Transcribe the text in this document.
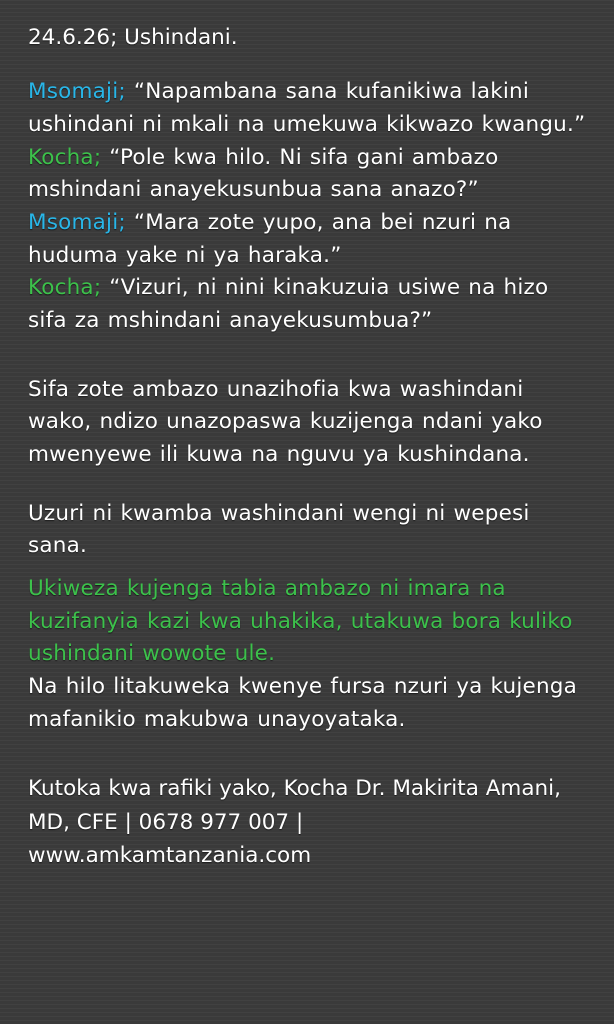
24.6.26; Ushindani.

Msomaji; “Napambana sana kufanikiwa lakini ushindani ni mkali na umekuwa kikwazo kwangu.”

Kocha; “Pole kwa hilo. Ni sifa gani ambazo mshindani anayekusunbua sana anazo?”

Msomaji; “Mara zote yupo, ana bei nzuri na huduma yake ni ya haraka.”

Kocha; “Vizuri, ni nini kinakuzuia usiwe na hizo sifa za mshindani anayekusumbua?”

Sifa zote ambazo unazihofia kwa washindani wako, ndizo unazopaswa kuzijenga ndani yako mwenyewe ili kuwa na nguvu ya kushindana.

Uzuri ni kwamba washindani wengi ni wepesi sana.

Ukiweza kujenga tabia ambazo ni imara na kuzifanyia kazi kwa uhakika, utakuwa bora kuliko ushindani wowote ule.

Na hilo litakuweka kwenye fursa nzuri ya kujenga mafanikio makubwa unayoyataka.

Kutoka kwa rafiki yako, Kocha Dr. Makirita Amani, MD, CFE | 0678 977 007 | www.amkamtanzania.com
